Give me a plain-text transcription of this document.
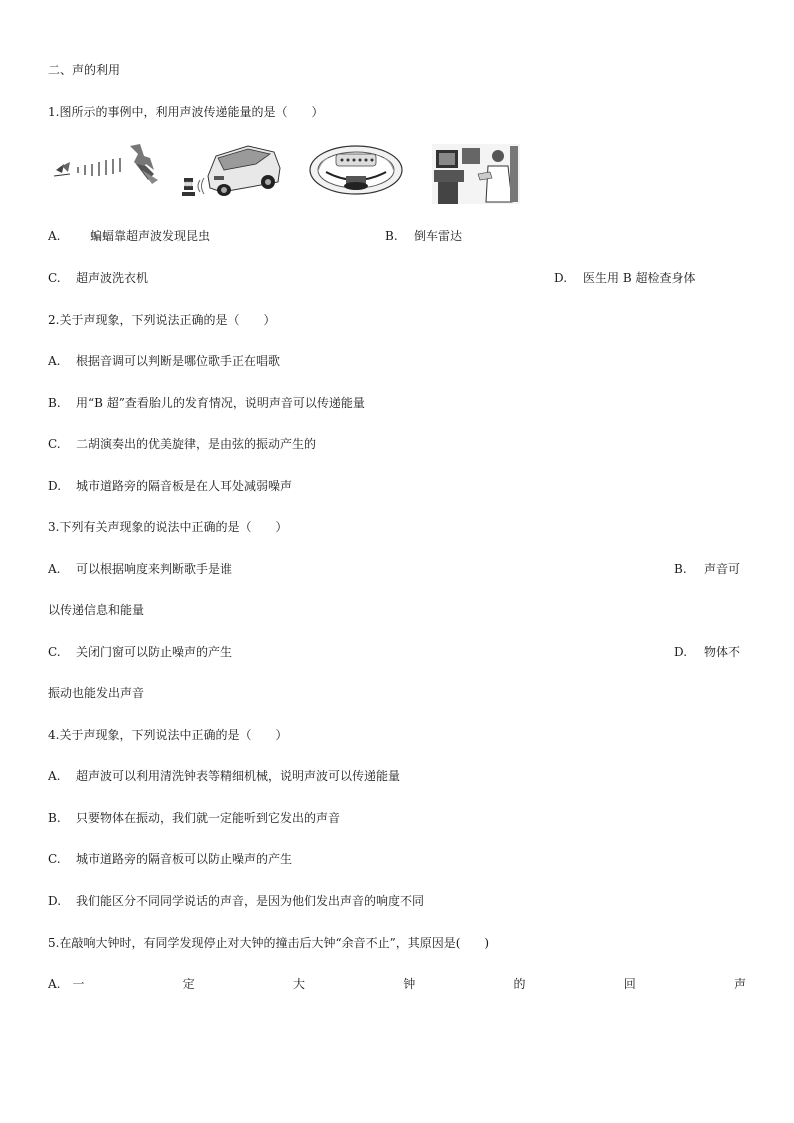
二、声的利用
1.图所示的事例中，利用声波传递能量的是（　　）
A. 蝙蝠靠超声波发现昆虫	B. 倒车雷达
C. 超声波洗衣机	D. 医生用 B 超检查身体
2.关于声现象，下列说法正确的是（　　）
A. 根据音调可以判断是哪位歌手正在唱歌
B. 用“B 超”查看胎儿的发育情况，说明声音可以传递能量
C. 二胡演奏出的优美旋律，是由弦的振动产生的
D. 城市道路旁的隔音板是在人耳处减弱噪声
3.下列有关声现象的说法中正确的是（　　）
A. 可以根据响度来判断歌手是谁	B. 声音可
以传递信息和能量
C. 关闭门窗可以防止噪声的产生	D. 物体不
振动也能发出声音
4.关于声现象，下列说法中正确的是（　　）
A. 超声波可以利用清洗钟表等精细机械，说明声波可以传递能量
B. 只要物体在振动，我们就一定能听到它发出的声音
C. 城市道路旁的隔音板可以防止噪声的产生
D. 我们能区分不同同学说话的声音，是因为他们发出声音的响度不同
5.在敲响大钟时，有同学发现停止对大钟的撞击后大钟“余音不止”，其原因是(　　)
A.　一	定	大	钟	的	回	声
